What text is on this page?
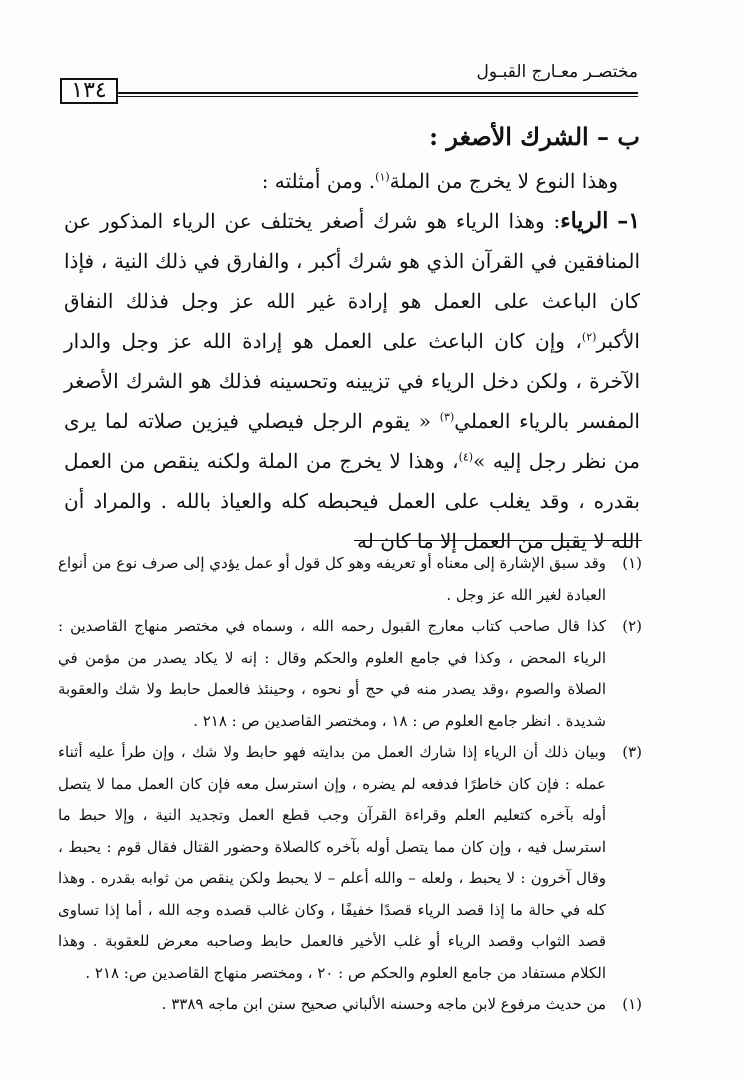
١٣٤
مختصـر معـارج القبـول

ب – الشرك الأصغر :

وهذا النوع لا يخرج من الملة$^{(١)}$. ومن أمثلته :

١– الرياء: وهذا الرياء هو شرك أصغر يختلف عن الرياء المذكور عن المنافقين في القرآن الذي هو شرك أكبر ، والفارق في ذلك النية ، فإذا كان الباعث على العمل هو إرادة غير الله عز وجل فذلك النفاق الأكبر$^{(٢)}$، وإن كان الباعث على العمل هو إرادة الله عز وجل والدار الآخرة ، ولكن دخل الرياء في تزيينه وتحسينه فذلك هو الشرك الأصغر المفسر بالرياء العملي$^{(٣)}$ « يقوم الرجل فيصلي فيزين صلاته لما يرى من نظر رجل إليه »$^{(٤)}$، وهذا لا يخرج من الملة ولكنه ينقص من العمل بقدره ، وقد يغلب على العمل فيحبطه كله والعياذ بالله . والمراد أن الله لا يقبل من العمل إلا ما كان له

(١)
وقد سبق الإشارة إلى معناه أو تعريفه وهو كل قول أو عمل يؤدي إلى صرف نوع من أنواع العبادة لغير الله عز وجل .

(٢)
كذا قال صاحب كتاب معارج القبول رحمه الله ، وسماه في مختصر منهاج القاصدين : الرياء المحض ، وكذا في جامع العلوم والحكم وقال : إنه لا يكاد يصدر من مؤمن في الصلاة والصوم ،وقد يصدر منه في حج أو نحوه ، وحينئذ فالعمل حابط ولا شك والعقوبة شديدة . انظر جامع العلوم ص : ١٨ ، ومختصر القاصدين ص : ٢١٨ .

(٣)
وبيان ذلك أن الرياء إذا شارك العمل من بدايته فهو حابط ولا شك ، وإن طرأ عليه أثناء عمله : فإن كان خاطرًا فدفعه لم يضره ، وإن استرسل معه فإن كان العمل مما لا يتصل أوله بآخره كتعليم العلم وقراءة القرآن وجب قطع العمل وتجديد النية ، وإلا حبط ما استرسل فيه ، وإن كان مما يتصل أوله بآخره كالصلاة وحضور القتال فقال قوم : يحبط ، وقال آخرون : لا يحبط ، ولعله – والله أعلم – لا يحبط ولكن ينقص من ثوابه بقدره . وهذا كله في حالة ما إذا قصد الرياء قصدًا خفيفًا ، وكان غالب قصده وجه الله ، أما إذا تساوى قصد الثواب وقصد الرياء أو غلب الأخير فالعمل حابط وصاحبه معرض للعقوبة . وهذا الكلام مستفاد من جامع العلوم والحكم ص : ٢٠ ، ومختصر منهاج القاصدين ص: ٢١٨ .

(١)
من حديث مرفوع لابن ماجه وحسنه الألباني صحيح سنن ابن ماجه ٣٣٨٩ .
